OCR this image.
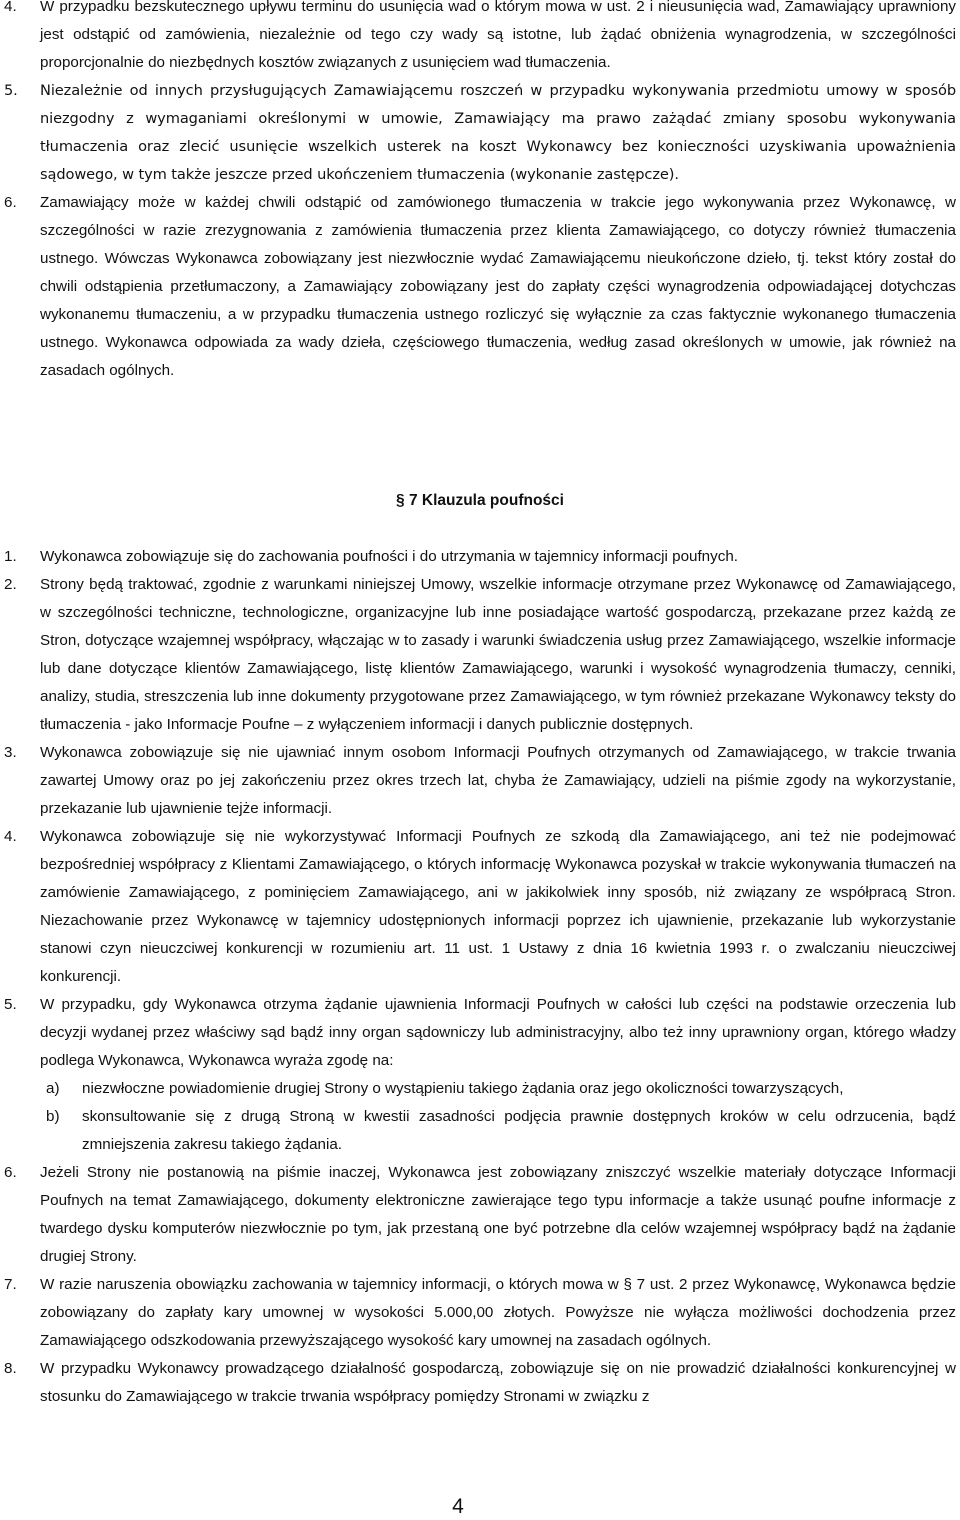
4. W przypadku bezskutecznego upływu terminu do usunięcia wad o którym mowa w ust. 2 i nieusunięcia wad, Zamawiający uprawniony jest odstąpić od zamówienia, niezależnie od tego czy wady są istotne, lub żądać obniżenia wynagrodzenia, w szczególności proporcjonalnie do niezbędnych kosztów związanych z usunięciem wad tłumaczenia.
5. Niezależnie od innych przysługujących Zamawiającemu roszczeń w przypadku wykonywania przedmiotu umowy w sposób niezgodny z wymaganiami określonymi w umowie, Zamawiający ma prawo zażądać zmiany sposobu wykonywania tłumaczenia oraz zlecić usunięcie wszelkich usterek na koszt Wykonawcy bez konieczności uzyskiwania upoważnienia sądowego, w tym także jeszcze przed ukończeniem tłumaczenia (wykonanie zastępcze).
6. Zamawiający może w każdej chwili odstąpić od zamówionego tłumaczenia w trakcie jego wykonywania przez Wykonawcę, w szczególności w razie zrezygnowania z zamówienia tłumaczenia przez klienta Zamawiającego, co dotyczy również tłumaczenia ustnego. Wówczas Wykonawca zobowiązany jest niezwłocznie wydać Zamawiającemu nieukończone dzieło, tj. tekst który został do chwili odstąpienia przetłumaczony, a Zamawiający zobowiązany jest do zapłaty części wynagrodzenia odpowiadającej dotychczas wykonanemu tłumaczeniu, a w przypadku tłumaczenia ustnego rozliczyć się wyłącznie za czas faktycznie wykonanego tłumaczenia ustnego. Wykonawca odpowiada za wady dzieła, częściowego tłumaczenia, według zasad określonych w umowie, jak również na zasadach ogólnych.
§ 7 Klauzula poufności
1. Wykonawca zobowiązuje się do zachowania poufności i do utrzymania w tajemnicy informacji poufnych.
2. Strony będą traktować, zgodnie z warunkami niniejszej Umowy, wszelkie informacje otrzymane przez Wykonawcę od Zamawiającego, w szczególności techniczne, technologiczne, organizacyjne lub inne posiadające wartość gospodarczą, przekazane przez każdą ze Stron, dotyczące wzajemnej współpracy, włączając w to zasady i warunki świadczenia usług przez Zamawiającego, wszelkie informacje lub dane dotyczące klientów Zamawiającego, listę klientów Zamawiającego, warunki i wysokość wynagrodzenia tłumaczy, cenniki, analizy, studia, streszczenia lub inne dokumenty przygotowane przez Zamawiającego, w tym również przekazane Wykonawcy teksty do tłumaczenia - jako Informacje Poufne – z wyłączeniem informacji i danych publicznie dostępnych.
3. Wykonawca zobowiązuje się nie ujawniać innym osobom Informacji Poufnych otrzymanych od Zamawiającego, w trakcie trwania zawartej Umowy oraz po jej zakończeniu przez okres trzech lat, chyba że Zamawiający, udzieli na piśmie zgody na wykorzystanie, przekazanie lub ujawnienie tejże informacji.
4. Wykonawca zobowiązuje się nie wykorzystywać Informacji Poufnych ze szkodą dla Zamawiającego, ani też nie podejmować bezpośredniej współpracy z Klientami Zamawiającego, o których informację Wykonawca pozyskał w trakcie wykonywania tłumaczeń na zamówienie Zamawiającego, z pominięciem Zamawiającego, ani w jakikolwiek inny sposób, niż związany ze współpracą Stron. Niezachowanie przez Wykonawcę w tajemnicy udostępnionych informacji poprzez ich ujawnienie, przekazanie lub wykorzystanie stanowi czyn nieuczciwej konkurencji w rozumieniu art. 11 ust. 1 Ustawy z dnia 16 kwietnia 1993 r. o zwalczaniu nieuczciwej konkurencji.
5. W przypadku, gdy Wykonawca otrzyma żądanie ujawnienia Informacji Poufnych w całości lub części na podstawie orzeczenia lub decyzji wydanej przez właściwy sąd bądź inny organ sądowniczy lub administracyjny, albo też inny uprawniony organ, którego władzy podlega Wykonawca, Wykonawca wyraża zgodę na:
a) niezwłoczne powiadomienie drugiej Strony o wystąpieniu takiego żądania oraz jego okoliczności towarzyszących,
b) skonsultowanie się z drugą Stroną w kwestii zasadności podjęcia prawnie dostępnych kroków w celu odrzucenia, bądź zmniejszenia zakresu takiego żądania.
6. Jeżeli Strony nie postanowią na piśmie inaczej, Wykonawca jest zobowiązany zniszczyć wszelkie materiały dotyczące Informacji Poufnych na temat Zamawiającego, dokumenty elektroniczne zawierające tego typu informacje a także usunąć poufne informacje z twardego dysku komputerów niezwłocznie po tym, jak przestaną one być potrzebne dla celów wzajemnej współpracy bądź na żądanie drugiej Strony.
7. W razie naruszenia obowiązku zachowania w tajemnicy informacji, o których mowa w § 7 ust. 2 przez Wykonawcę, Wykonawca będzie zobowiązany do zapłaty kary umownej w wysokości 5.000,00 złotych. Powyższe nie wyłącza możliwości dochodzenia przez Zamawiającego odszkodowania przewyższającego wysokość kary umownej na zasadach ogólnych.
8. W przypadku Wykonawcy prowadzącego działalność gospodarczą, zobowiązuje się on nie prowadzić działalności konkurencyjnej w stosunku do Zamawiającego w trakcie trwania współpracy pomiędzy Stronami w związku z
4
